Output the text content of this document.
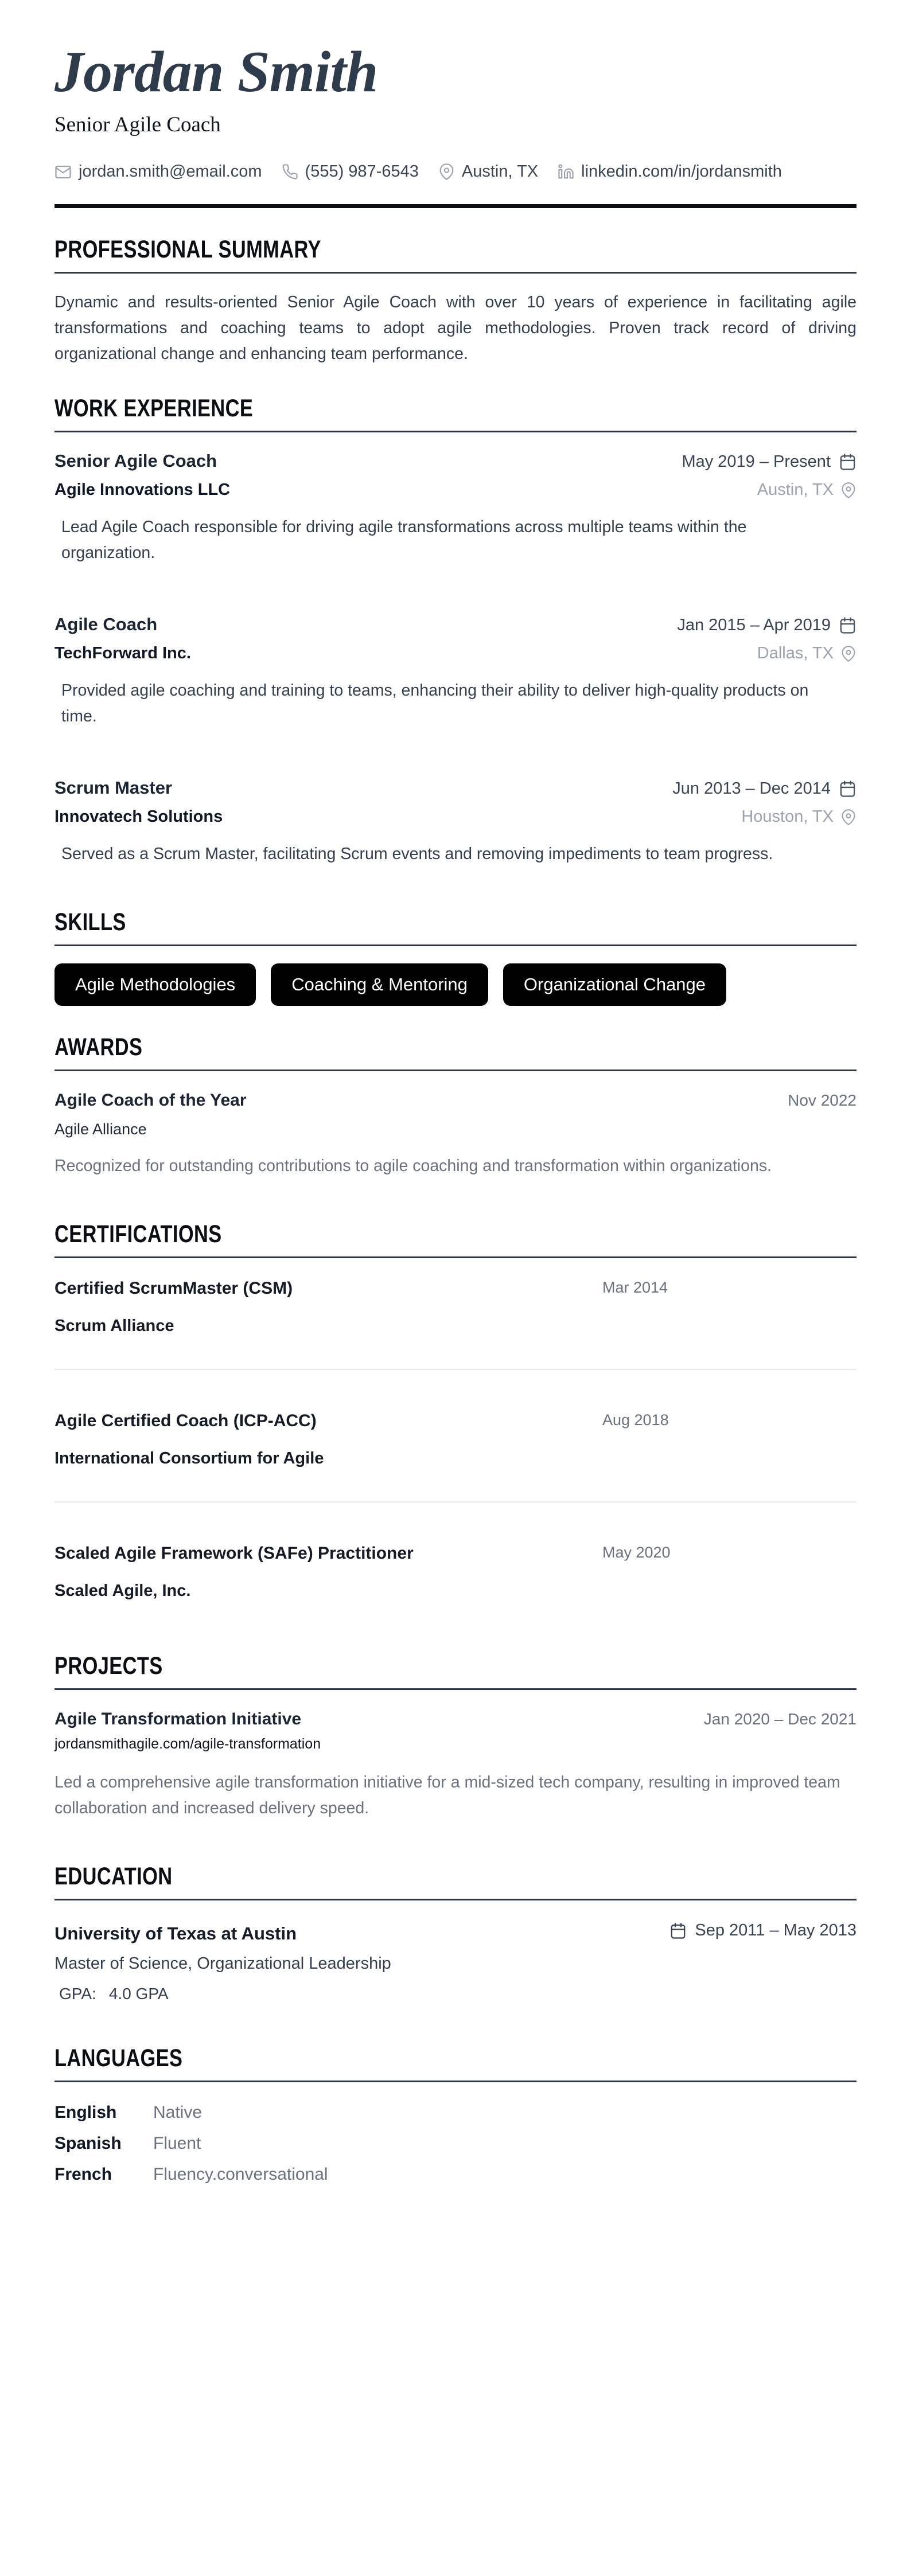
Jordan Smith
Senior Agile Coach
jordan.smith@email.com	(555) 987-6543	Austin, TX	linkedin.com/in/jordansmith
PROFESSIONAL SUMMARY

Dynamic and results-oriented Senior Agile Coach with over 10 years of experience in facilitating agile transformations and coaching teams to adopt agile methodologies. Proven track record of driving organizational change and enhancing team performance.

WORK EXPERIENCE
Senior Agile Coach	May 2019 – Present
Agile Innovations LLC	Austin, TX

Lead Agile Coach responsible for driving agile transformations across multiple teams within the organization.

Agile Coach	Jan 2015 – Apr 2019
TechForward Inc.	Dallas, TX

Provided agile coaching and training to teams, enhancing their ability to deliver high-quality products on time.

Scrum Master	Jun 2013 – Dec 2014
Innovatech Solutions	Houston, TX

Served as a Scrum Master, facilitating Scrum events and removing impediments to team progress.

SKILLS
Agile Methodologies	Coaching & Mentoring	Organizational Change
AWARDS
Agile Coach of the Year	Nov 2022
Agile Alliance

Recognized for outstanding contributions to agile coaching and transformation within organizations.

CERTIFICATIONS
Certified ScrumMaster (CSM)	Mar 2014
Scrum Alliance
Agile Certified Coach (ICP-ACC)	Aug 2018
International Consortium for Agile
Scaled Agile Framework (SAFe) Practitioner	May 2020
Scaled Agile, Inc.
PROJECTS
Agile Transformation Initiative	Jan 2020 – Dec 2021
jordansmithagile.com/agile-transformation

Led a comprehensive agile transformation initiative for a mid-sized tech company, resulting in improved team collaboration and increased delivery speed.

EDUCATION
University of Texas at Austin	Sep 2011 – May 2013
Master of Science, Organizational Leadership
GPA: 4.0 GPA
LANGUAGES
English	Native
Spanish	Fluent
French	Fluency.conversational
